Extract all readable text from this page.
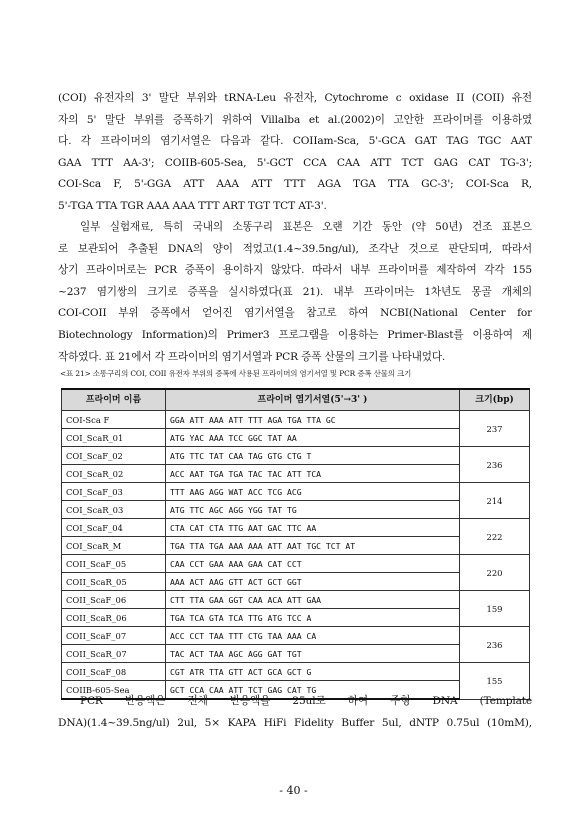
(COI) 유전자의 3' 말단 부위와 tRNA-Leu 유전자, Cytochrome c oxidase II (COII) 유전
자의 5' 말단 부위를 증폭하기 위하여 Villalba et al.(2002)이 고안한 프라이머를 이용하였
다. 각 프라이머의 염기서열은 다음과 같다. COIIam-Sca, 5'-GCA GAT TAG TGC AAT
GAA TTT AA-3'; COIIB-605-Sea, 5'-GCT CCA CAA ATT TCT GAG CAT TG-3';
COI-Sca F, 5'-GGA ATT AAA ATT TTT AGA TGA TTA GC-3'; COI-Sca R,
5'-TGA TTA TGR AAA AAA TTT ART TGT TCT AT-3'.
일부 실험재료, 특히 국내의 소똥구리 표본은 오랜 기간 동안 (약 50년) 건조 표본으
로 보관되어 추출된 DNA의 양이 적었고(1.4~39.5ng/ul), 조각난 것으로 판단되며, 따라서
상기 프라이머로는 PCR 증폭이 용이하지 않았다. 따라서 내부 프라이머를 제작하여 각각 155
~237 염기쌍의 크기로 증폭을 실시하였다(표 21). 내부 프라이머는 1차년도 몽골 개체의
COI-COII 부위 증폭에서 얻어진 염기서열을 참고로 하여 NCBI(National Center for
Biotechnology Information)의 Primer3 프로그램을 이용하는 Primer-Blast를 이용하여 제
작하였다. 표 21에서 각 프라이머의 염기서열과 PCR 증폭 산물의 크기를 나타내었다.
<표 21> 소똥구리의 COI, COII 유전자 부위의 증폭에 사용된 프라이머의 염기서열 및 PCR 증폭 산물의 크기
프라이머 이름	프라이머 염기서열(5'→3' )	크기(bp)
COI-Sca F	GGA ATT AAA ATT TTT AGA TGA TTA GC	237
COI_ScaR_01	ATG YAC AAA TCC GGC TAT AA	
COI_ScaF_02	ATG TTC TAT CAA TAG GTG CTG T	236
COI_ScaR_02	ACC AAT TGA TGA TAC TAC ATT TCA	
COI_ScaF_03	TTT AAG AGG WAT ACC TCG ACG	214
COI_ScaR_03	ATG TTC AGC AGG YGG TAT TG	
COI_ScaF_04	CTA CAT CTA TTG AAT GAC TTC AA	222
COI_ScaR_M	TGA TTA TGA AAA AAA ATT AAT TGC TCT AT	
COII_ScaF_05	CAA CCT GAA AAA GAA CAT CCT	220
COII_ScaR_05	AAA ACT AAG GTT ACT GCT GGT	
COII_ScaF_06	CTT TTA GAA GGT CAA ACA ATT GAA	159
COII_ScaR_06	TGA TCA GTA TCA TTG ATG TCC A	
COII_ScaF_07	ACC CCT TAA TTT CTG TAA AAA CA	236
COII_ScaR_07	TAC ACT TAA AGC AGG GAT TGT	
COII_ScaF_08	CGT ATR TTA GTT ACT GCA GCT G	155
COIIB-605-Sea	GCT CCA CAA ATT TCT GAG CAT TG	
PCR 반응액은 전체 반응액을 25ul로 하여 주형 DNA (Template
DNA)(1.4~39.5ng/ul) 2ul, 5× KAPA HiFi Fidelity Buffer 5ul, dNTP 0.75ul (10mM),
- 40 -
